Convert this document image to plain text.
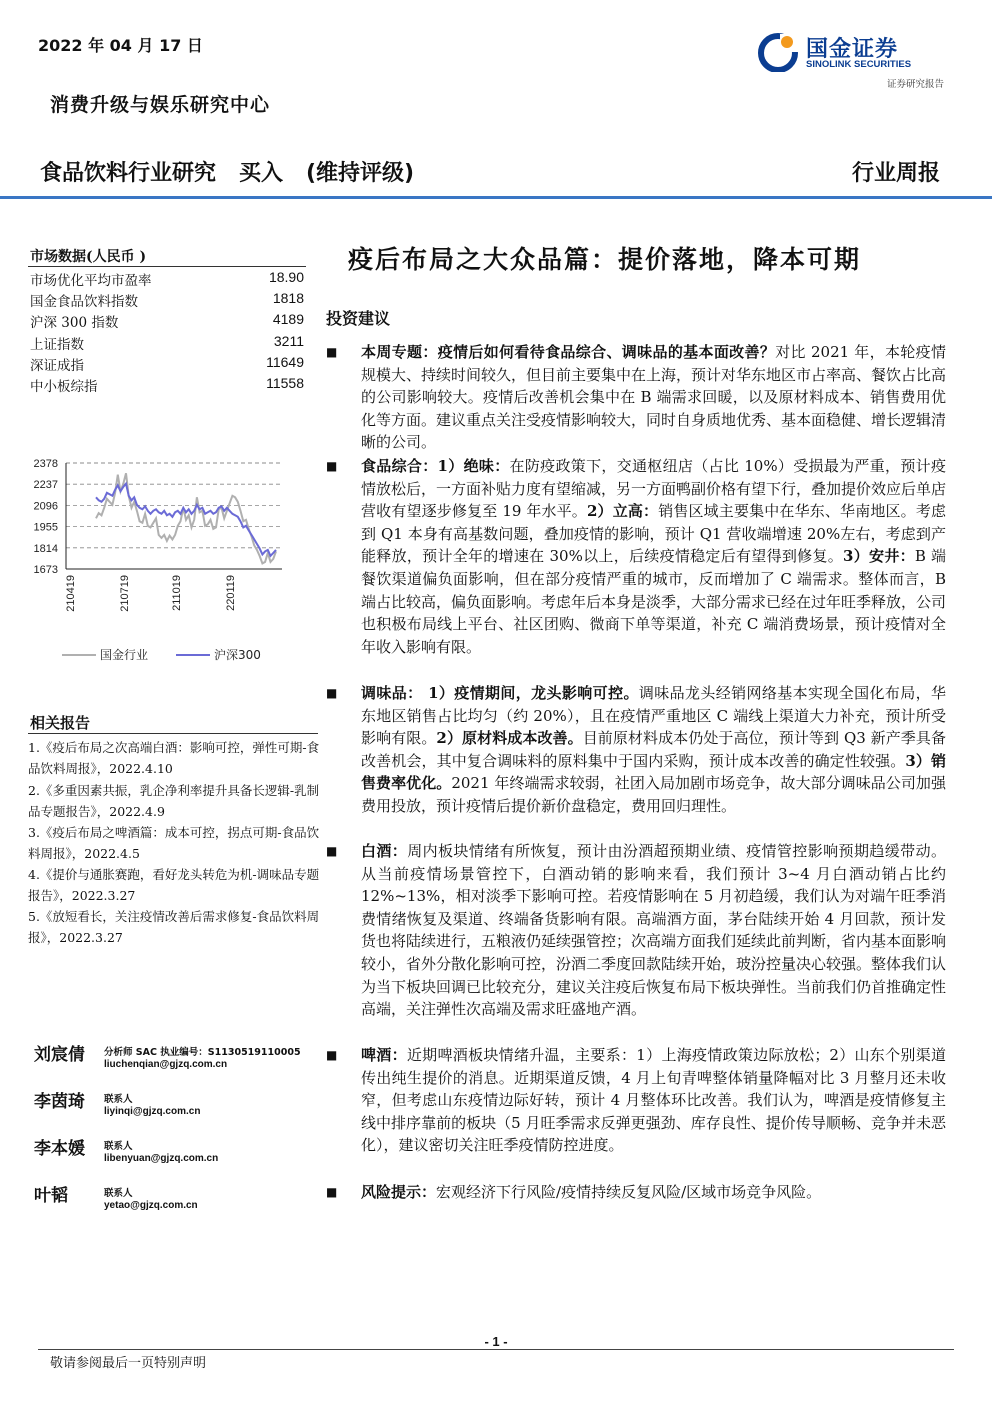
2022 年 04 月 17 日	国金证券
SINOLINK SECURITIES
证券研究报告
消费升级与娱乐研究中心
食品饮料行业研究   买入   (维持评级)	行业周报
市场数据(人民币 )
市场优化平均市盈率	18.90
国金食品饮料指数	1818
沪深 300 指数	4189
上证指数	3211
深证成指	11649
中小板综指	11558
2378
2237
2096
1955
1814
1673
210419	210719	211019	220119
国金行业	沪深300
相关报告
1.《疫后布局之次高端白酒：影响可控，弹性可期-食品饮料周报》，2022.4.10
2.《多重因素共振，乳企净利率提升具备长逻辑-乳制品专题报告》，2022.4.9
3.《疫后布局之啤酒篇：成本可控，拐点可期-食品饮料周报》，2022.4.5
4.《提价与通胀赛跑，看好龙头转危为机-调味品专题报告》，2022.3.27
5.《放短看长，关注疫情改善后需求修复-食品饮料周报》，2022.3.27
刘宸倩 分析师 SAC 执业编号：S1130519110005
liuchenqian@gjzq.com.cn
李茵琦 联系人
liyinqi@gjzq.com.cn
李本媛 联系人
libenyuan@gjzq.com.cn
叶韬	联系人
yetao@gjzq.com.cn
疫后布局之大众品篇：提价落地，降本可期
投资建议
■ 本周专题：疫情后如何看待食品综合、调味品的基本面改善？对比 2021 年，本轮疫情规模大、持续时间较久，但目前主要集中在上海，预计对华东地区市占率高、餐饮占比高的公司影响较大。疫情后改善机会集中在 B 端需求回暖，以及原材料成本、销售费用优化等方面。建议重点关注受疫情影响较大，同时自身质地优秀、基本面稳健、增长逻辑清晰的公司。
■ 食品综合：1）绝味：在防疫政策下，交通枢纽店（占比 10%）受损最为严重，预计疫情放松后，一方面补贴力度有望缩减，另一方面鸭副价格有望下行，叠加提价效应后单店营收有望逐步修复至 19 年水平。2）立高：销售区域主要集中在华东、华南地区。考虑到 Q1 本身有高基数问题，叠加疫情的影响，预计 Q1 营收端增速 20%左右，考虑到产能释放，预计全年的增速在 30%以上，后续疫情稳定后有望得到修复。3）安井：B 端餐饮渠道偏负面影响，但在部分疫情严重的城市，反而增加了 C 端需求。整体而言，B 端占比较高，偏负面影响。考虑年后本身是淡季，大部分需求已经在过年旺季释放，公司也积极布局线上平台、社区团购、微商下单等渠道，补充 C 端消费场景，预计疫情对全年收入影响有限。
■ 调味品： 1）疫情期间，龙头影响可控。调味品龙头经销网络基本实现全国化布局，华东地区销售占比均匀（约 20%），且在疫情严重地区 C 端线上渠道大力补充，预计所受影响有限。2）原材料成本改善。目前原材料成本仍处于高位，预计等到 Q3 新产季具备改善机会，其中复合调味料的原料集中于国内采购，预计成本改善的确定性较强。3）销售费率优化。2021 年终端需求较弱，社团入局加剧市场竞争，故大部分调味品公司加强费用投放，预计疫情后提价新价盘稳定，费用回归理性。
■ 白酒：周内板块情绪有所恢复，预计由汾酒超预期业绩、疫情管控影响预期趋缓带动。从当前疫情场景管控下，白酒动销的影响来看，我们预计 3~4 月白酒动销占比约 12%~13%，相对淡季下影响可控。若疫情影响在 5 月初趋缓，我们认为对端午旺季消费情绪恢复及渠道、终端备货影响有限。高端酒方面，茅台陆续开始 4 月回款，预计发货也将陆续进行，五粮液仍延续强管控；次高端方面我们延续此前判断，省内基本面影响较小，省外分散化影响可控，汾酒二季度回款陆续开始，玻汾控量决心较强。整体我们认为当下板块回调已比较充分，建议关注疫后恢复布局下板块弹性。当前我们仍首推确定性高端，关注弹性次高端及需求旺盛地产酒。
■ 啤酒：近期啤酒板块情绪升温，主要系：1）上海疫情政策边际放松；2）山东个别渠道传出纯生提价的消息。近期渠道反馈，4 月上旬青啤整体销量降幅对比 3 月整月还未收窄，但考虑山东疫情边际好转，预计 4 月整体环比改善。我们认为，啤酒是疫情修复主线中排序靠前的板块（5 月旺季需求反弹更强劲、库存良性、提价传导顺畅、竞争并未恶化），建议密切关注旺季疫情防控进度。
■ 风险提示：宏观经济下行风险/疫情持续反复风险/区域市场竞争风险。
- 1 -
敬请参阅最后一页特别声明
